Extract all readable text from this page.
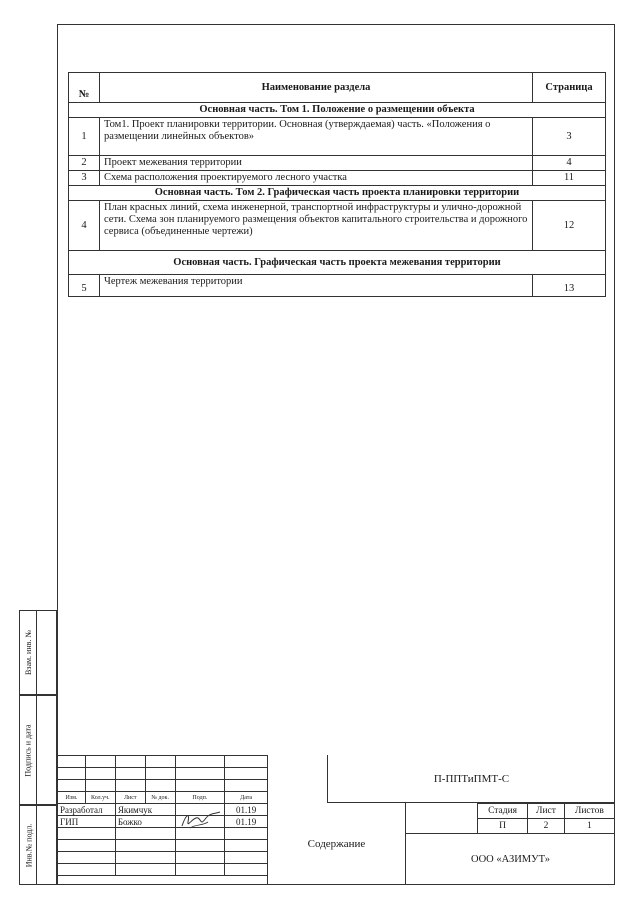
Взам. инв. №
Подпись и дата
Инв.№ подл.
№	Наименование раздела	Страница
Основная часть. Том 1. Положение о размещении объекта		
1	Том1. Проект планировки территории. Основная (утверждаемая) часть. «Положения о размещении линейных объектов»	3
2	Проект межевания территории	4
3	Схема расположения проектируемого лесного участка	11
Основная часть. Том 2. Графическая часть проекта планировки территории		
4	План красных линий, схема инженерной, транспортной инфраструктуры и улично-дорожной сети. Схема зон планируемого размещения объектов капитального строительства и дорожного сервиса (объединенные чертежи)	12
Основная часть. Графическая часть проекта межевания территории		
5	Чертеж межевания территории	13

Изм.	Кол.уч.	Лист	№ док.	Подп.	Дата
Разработал		Якимчук			01.19
ГИП		Божко			01.19

П-ППТиПМТ-С
Содержание
Стадия	Лист	Листов
П	2	1
ООО «АЗИМУТ»
